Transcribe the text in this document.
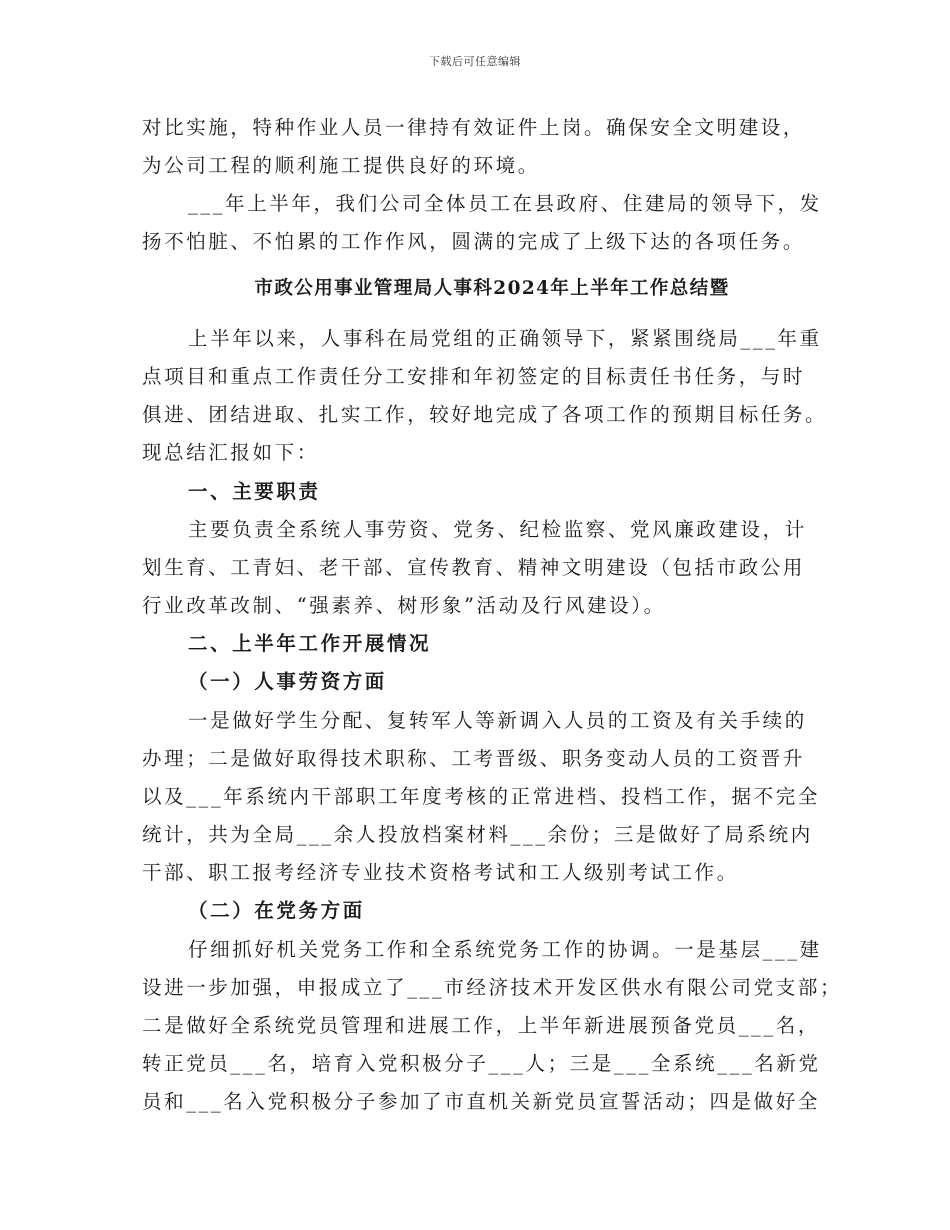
下载后可任意编辑
对比实施，特种作业人员一律持有效证件上岗。确保安全文明建设，
为公司工程的顺利施工提供良好的环境。
___年上半年，我们公司全体员工在县政府、住建局的领导下，发
扬不怕脏、不怕累的工作作风，圆满的完成了上级下达的各项任务。
市政公用事业管理局人事科2024年上半年工作总结暨
上半年以来，人事科在局党组的正确领导下，紧紧围绕局___年重
点项目和重点工作责任分工安排和年初签定的目标责任书任务，与时
俱进、团结进取、扎实工作，较好地完成了各项工作的预期目标任务。
现总结汇报如下：
一、主要职责
主要负责全系统人事劳资、党务、纪检监察、党风廉政建设，计
划生育、工青妇、老干部、宣传教育、精神文明建设（包括市政公用
行业改革改制、“强素养、树形象”活动及行风建设）。
二、上半年工作开展情况
（一）人事劳资方面
一是做好学生分配、复转军人等新调入人员的工资及有关手续的
办理；二是做好取得技术职称、工考晋级、职务变动人员的工资晋升
以及___年系统内干部职工年度考核的正常进档、投档工作，据不完全
统计，共为全局___余人投放档案材料___余份；三是做好了局系统内
干部、职工报考经济专业技术资格考试和工人级别考试工作。
（二）在党务方面
仔细抓好机关党务工作和全系统党务工作的协调。一是基层___建
设进一步加强，申报成立了___市经济技术开发区供水有限公司党支部；
二是做好全系统党员管理和进展工作，上半年新进展预备党员___名，
转正党员___名，培育入党积极分子___人；三是___全系统___名新党
员和___名入党积极分子参加了市直机关新党员宣誓活动；四是做好全
